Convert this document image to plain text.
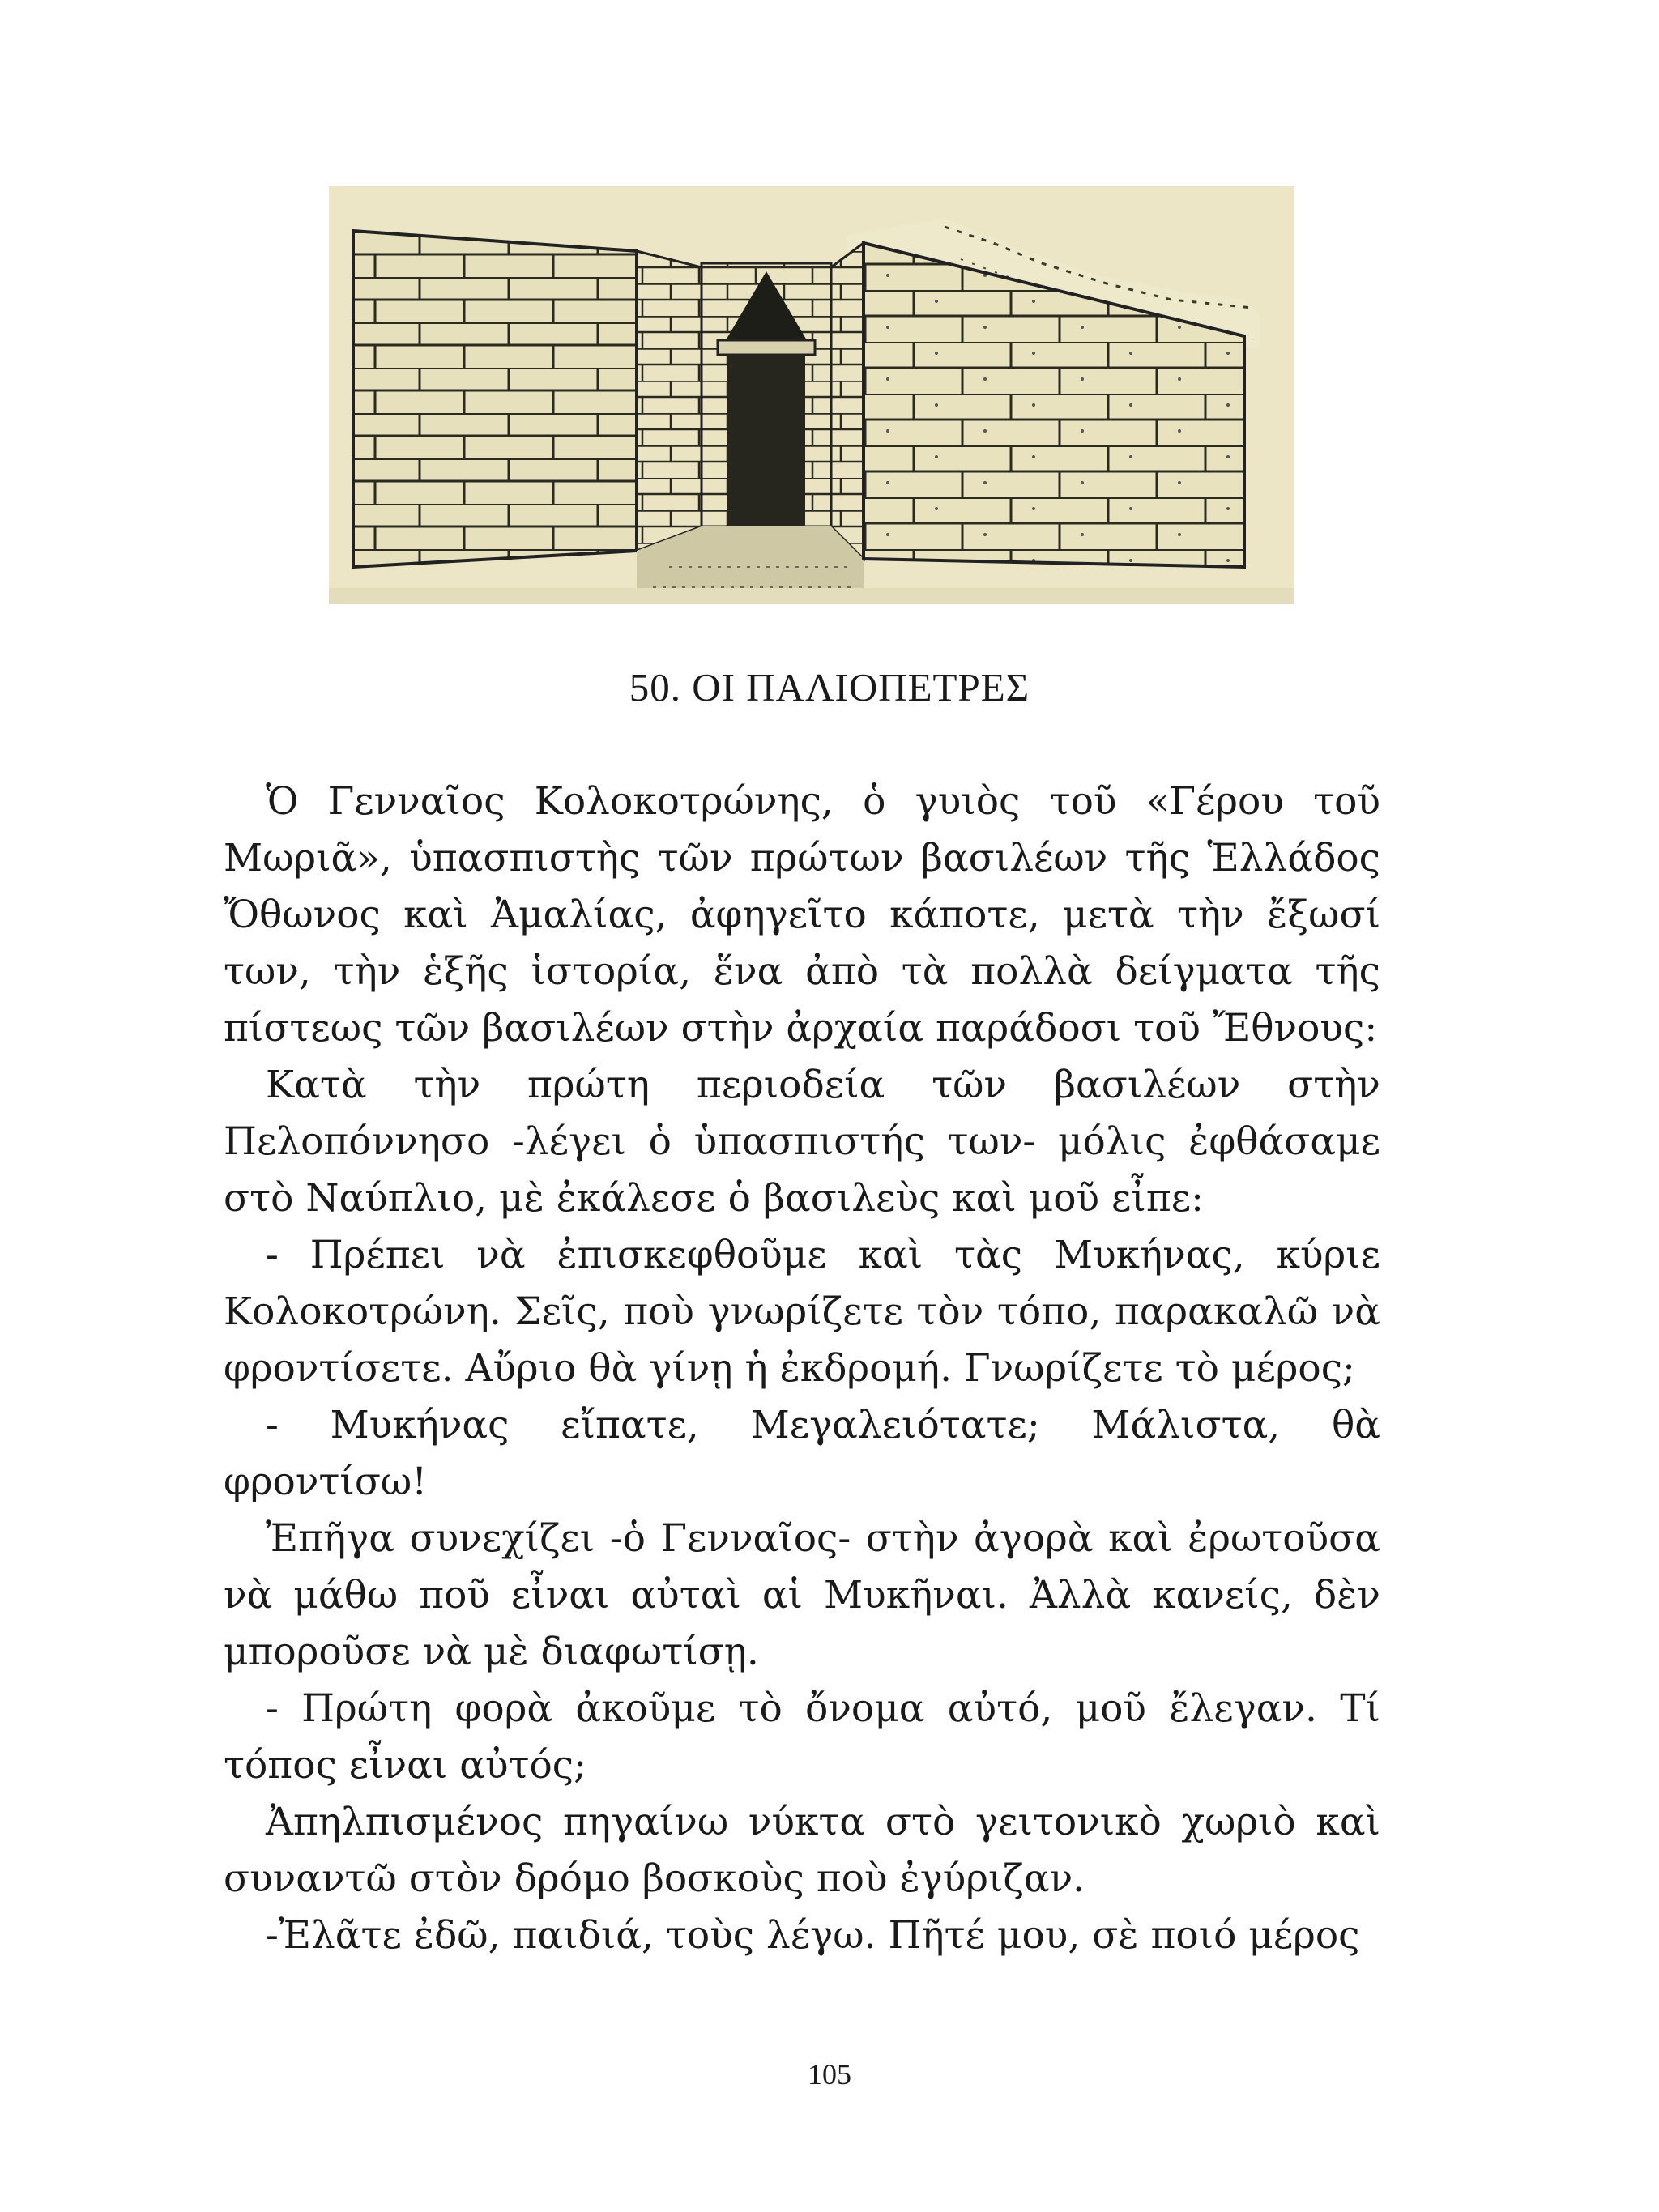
50. ΟΙ ΠΑΛΙΟΠΕΤΡΕΣ

Ὁ Γενναῖος Κολοκοτρώνης, ὁ γυιὸς τοῦ «Γέρου τοῦ Μωριᾶ», ὑπασπιστὴς τῶν πρώτων βασιλέων τῆς Ἑλλάδος Ὄθωνος καὶ Ἀμαλίας, ἀφηγεῖτο κάποτε, μετὰ τὴν ἔξωσί των, τὴν ἑξῆς ἱστορία, ἕνα ἀπὸ τὰ πολλὰ δείγματα τῆς πίστεως τῶν βασιλέων στὴν ἀρχαία παράδοσι τοῦ Ἔθνους:

Κατὰ τὴν πρώτη περιοδεία τῶν βασιλέων στὴν Πελοπόννησο -λέγει ὁ ὑπασπιστής των- μόλις ἐφθάσαμε στὸ Ναύπλιο, μὲ ἐκάλεσε ὁ βασιλεὺς καὶ μοῦ εἶπε:

- Πρέπει νὰ ἐπισκεφθοῦμε καὶ τὰς Μυκήνας, κύριε Κολοκοτρώνη. Σεῖς, ποὺ γνωρίζετε τὸν τόπο, παρακαλῶ νὰ φροντίσετε. Αὔριο θὰ γίνῃ ἡ ἐκδρομή. Γνωρίζετε τὸ μέρος;

- Μυκήνας εἴπατε, Μεγαλειότατε; Μάλιστα, θὰ φροντίσω!

Ἐπῆγα συνεχίζει -ὁ Γενναῖος- στὴν ἀγορὰ καὶ ἐρωτοῦσα νὰ μάθω ποῦ εἶναι αὐταὶ αἱ Μυκῆναι. Ἀλλὰ κανείς, δὲν μποροῦσε νὰ μὲ διαφωτίσῃ.

- Πρώτη φορὰ ἀκοῦμε τὸ ὄνομα αὐτό, μοῦ ἔλεγαν. Τί τόπος εἶναι αὐτός;

Ἀπηλπισμένος πηγαίνω νύκτα στὸ γειτονικὸ χωριὸ καὶ συναντῶ στὸν δρόμο βοσκοὺς ποὺ ἐγύριζαν.

-Ἐλᾶτε ἐδῶ, παιδιά, τοὺς λέγω. Πῆτέ μου, σὲ ποιό μέρος

105
